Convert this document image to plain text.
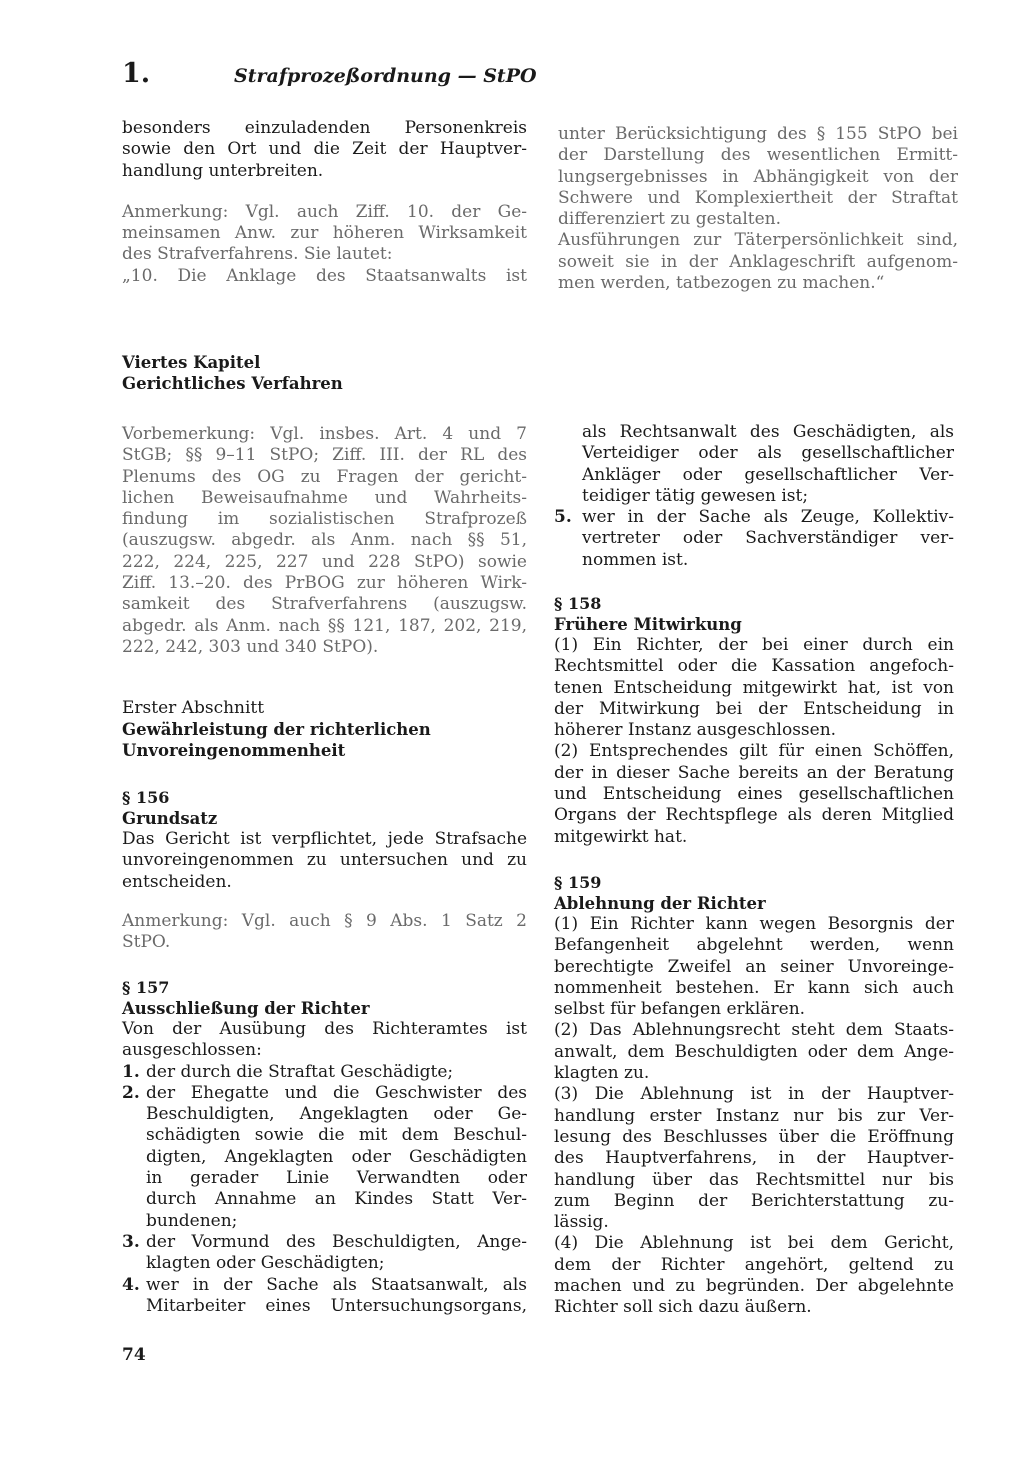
1.	Strafprozeßordnung — StPO

besonders einzuladenden Personenkreis

sowie den Ort und die Zeit der Hauptver-

handlung unterbreiten.

Anmerkung: Vgl. auch Ziff. 10. der Ge-

meinsamen Anw. zur höheren Wirksamkeit

des Strafverfahrens. Sie lautet:

„10. Die Anklage des Staatsanwalts ist

Viertes Kapitel

Gerichtliches Verfahren

Vorbemerkung: Vgl. insbes. Art. 4 und 7

StGB; §§ 9–11 StPO; Ziff. III. der RL des

Plenums des OG zu Fragen der gericht-

lichen Beweisaufnahme und Wahrheits-

findung im sozialistischen Strafprozeß

(auszugsw. abgedr. als Anm. nach §§ 51,

222, 224, 225, 227 und 228 StPO) sowie

Ziff. 13.–20. des PrBOG zur höheren Wirk-

samkeit des Strafverfahrens (auszugsw.

abgedr. als Anm. nach §§ 121, 187, 202, 219,

222, 242, 303 und 340 StPO).

Erster Abschnitt

Gewährleistung der richterlichen

Unvoreingenommenheit

§ 156

Grundsatz

Das Gericht ist verpflichtet, jede Strafsache

unvoreingenommen zu untersuchen und zu

entscheiden.

Anmerkung: Vgl. auch § 9 Abs. 1 Satz 2

StPO.

§ 157

Ausschließung der Richter

Von der Ausübung des Richteramtes ist

ausgeschlossen:

1. der durch die Straftat Geschädigte;

2. der Ehegatte und die Geschwister des

Beschuldigten, Angeklagten oder Ge-

schädigten sowie die mit dem Beschul-

digten, Angeklagten oder Geschädigten

in gerader Linie Verwandten oder

durch Annahme an Kindes Statt Ver-

bundenen;

3. der Vormund des Beschuldigten, Ange-

klagten oder Geschädigten;

4. wer in der Sache als Staatsanwalt, als

Mitarbeiter eines Untersuchungsorgans,

74

unter Berücksichtigung des § 155 StPO bei

der Darstellung des wesentlichen Ermitt-

lungsergebnisses in Abhängigkeit von der

Schwere und Komplexiertheit der Straftat

differenziert zu gestalten.

Ausführungen zur Täterpersönlichkeit sind,

soweit sie in der Anklageschrift aufgenom-

men werden, tatbezogen zu machen.“

als Rechtsanwalt des Geschädigten, als

Verteidiger oder als gesellschaftlicher

Ankläger oder gesellschaftlicher Ver-

teidiger tätig gewesen ist;

5. wer in der Sache als Zeuge, Kollektiv-

vertreter oder Sachverständiger ver-

nommen ist.

§ 158

Frühere Mitwirkung

(1) Ein Richter, der bei einer durch ein

Rechtsmittel oder die Kassation angefoch-

tenen Entscheidung mitgewirkt hat, ist von

der Mitwirkung bei der Entscheidung in

höherer Instanz ausgeschlossen.

(2) Entsprechendes gilt für einen Schöffen,

der in dieser Sache bereits an der Beratung

und Entscheidung eines gesellschaftlichen

Organs der Rechtspflege als deren Mitglied

mitgewirkt hat.

§ 159

Ablehnung der Richter

(1) Ein Richter kann wegen Besorgnis der

Befangenheit abgelehnt werden, wenn

berechtigte Zweifel an seiner Unvoreinge-

nommenheit bestehen. Er kann sich auch

selbst für befangen erklären.

(2) Das Ablehnungsrecht steht dem Staats-

anwalt, dem Beschuldigten oder dem Ange-

klagten zu.

(3) Die Ablehnung ist in der Hauptver-

handlung erster Instanz nur bis zur Ver-

lesung des Beschlusses über die Eröffnung

des Hauptverfahrens, in der Hauptver-

handlung über das Rechtsmittel nur bis

zum Beginn der Berichterstattung zu-

lässig.

(4) Die Ablehnung ist bei dem Gericht,

dem der Richter angehört, geltend zu

machen und zu begründen. Der abgelehnte

Richter soll sich dazu äußern.
